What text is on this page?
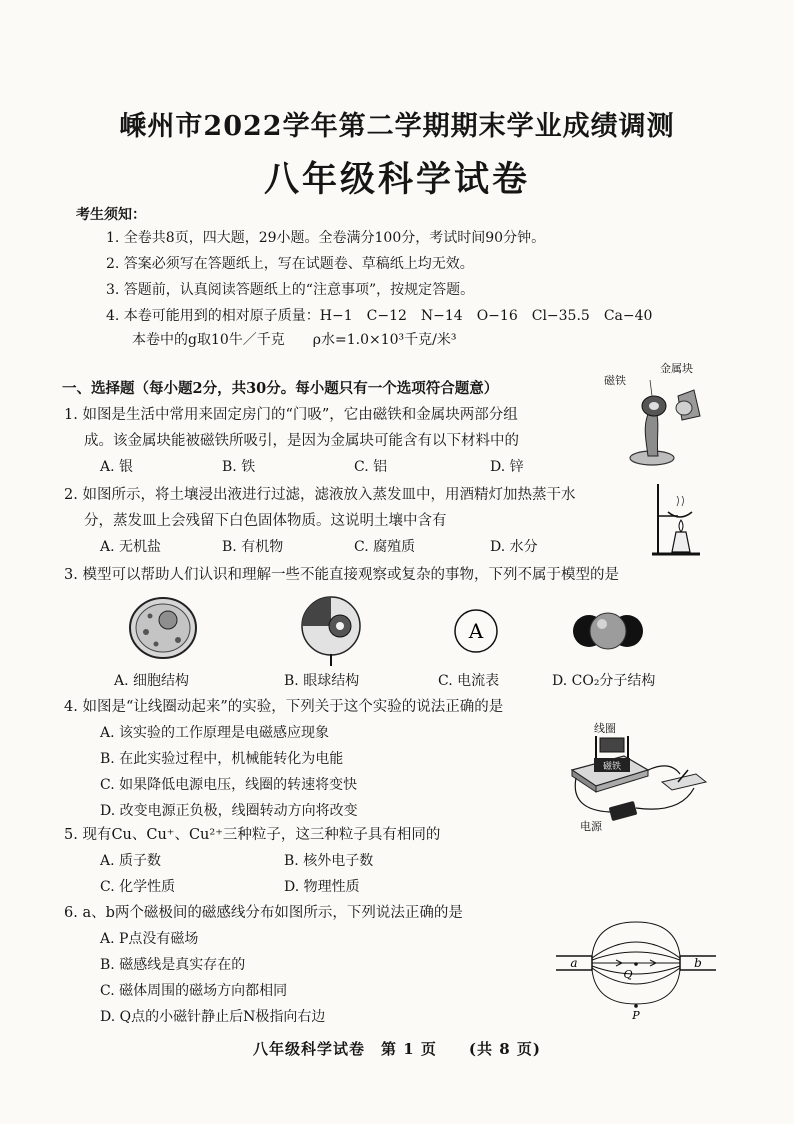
嵊州市2022学年第二学期期末学业成绩调测
八年级科学试卷
考生须知：
1. 全卷共8页，四大题，29小题。全卷满分100分，考试时间90分钟。
2. 答案必须写在答题纸上，写在试题卷、草稿纸上均无效。
3. 答题前，认真阅读答题纸上的“注意事项”，按规定答题。
4. 本卷可能用到的相对原子质量：H−1　C−12　N−14　O−16　Cl−35.5　Ca−40
本卷中的g取10牛／千克　　ρ水=1.0×10³千克/米³
一、选择题（每小题2分，共30分。每小题只有一个选项符合题意）
1. 如图是生活中常用来固定房门的“门吸”，它由磁铁和金属块两部分组
成。该金属块能被磁铁所吸引，是因为金属块可能含有以下材料中的
A. 银	B. 铁	C. 铝	D. 锌
磁铁
金属块
2. 如图所示，将土壤浸出液进行过滤，滤液放入蒸发皿中，用酒精灯加热蒸干水
分，蒸发皿上会残留下白色固体物质。这说明土壤中含有
A. 无机盐	B. 有机物	C. 腐殖质	D. 水分
3. 模型可以帮助人们认识和理解一些不能直接观察或复杂的事物，下列不属于模型的是
A
A. 细胞结构	B. 眼球结构	C. 电流表	D. CO₂分子结构
4. 如图是“让线圈动起来”的实验，下列关于这个实验的说法正确的是
A. 该实验的工作原理是电磁感应现象
B. 在此实验过程中，机械能转化为电能
C. 如果降低电源电压，线圈的转速将变快
D. 改变电源正负极，线圈转动方向将改变
线圈
电源
磁铁
5. 现有Cu、Cu⁺、Cu²⁺三种粒子，这三种粒子具有相同的
A. 质子数	B. 核外电子数
C. 化学性质	D. 物理性质
6. a、b两个磁极间的磁感线分布如图所示，下列说法正确的是
A. P点没有磁场
B. 磁感线是真实存在的
C. 磁体周围的磁场方向都相同
D. Q点的小磁针静止后N极指向右边
a	b
Q
P
八年级科学试卷　第 1 页　　(共 8 页)
